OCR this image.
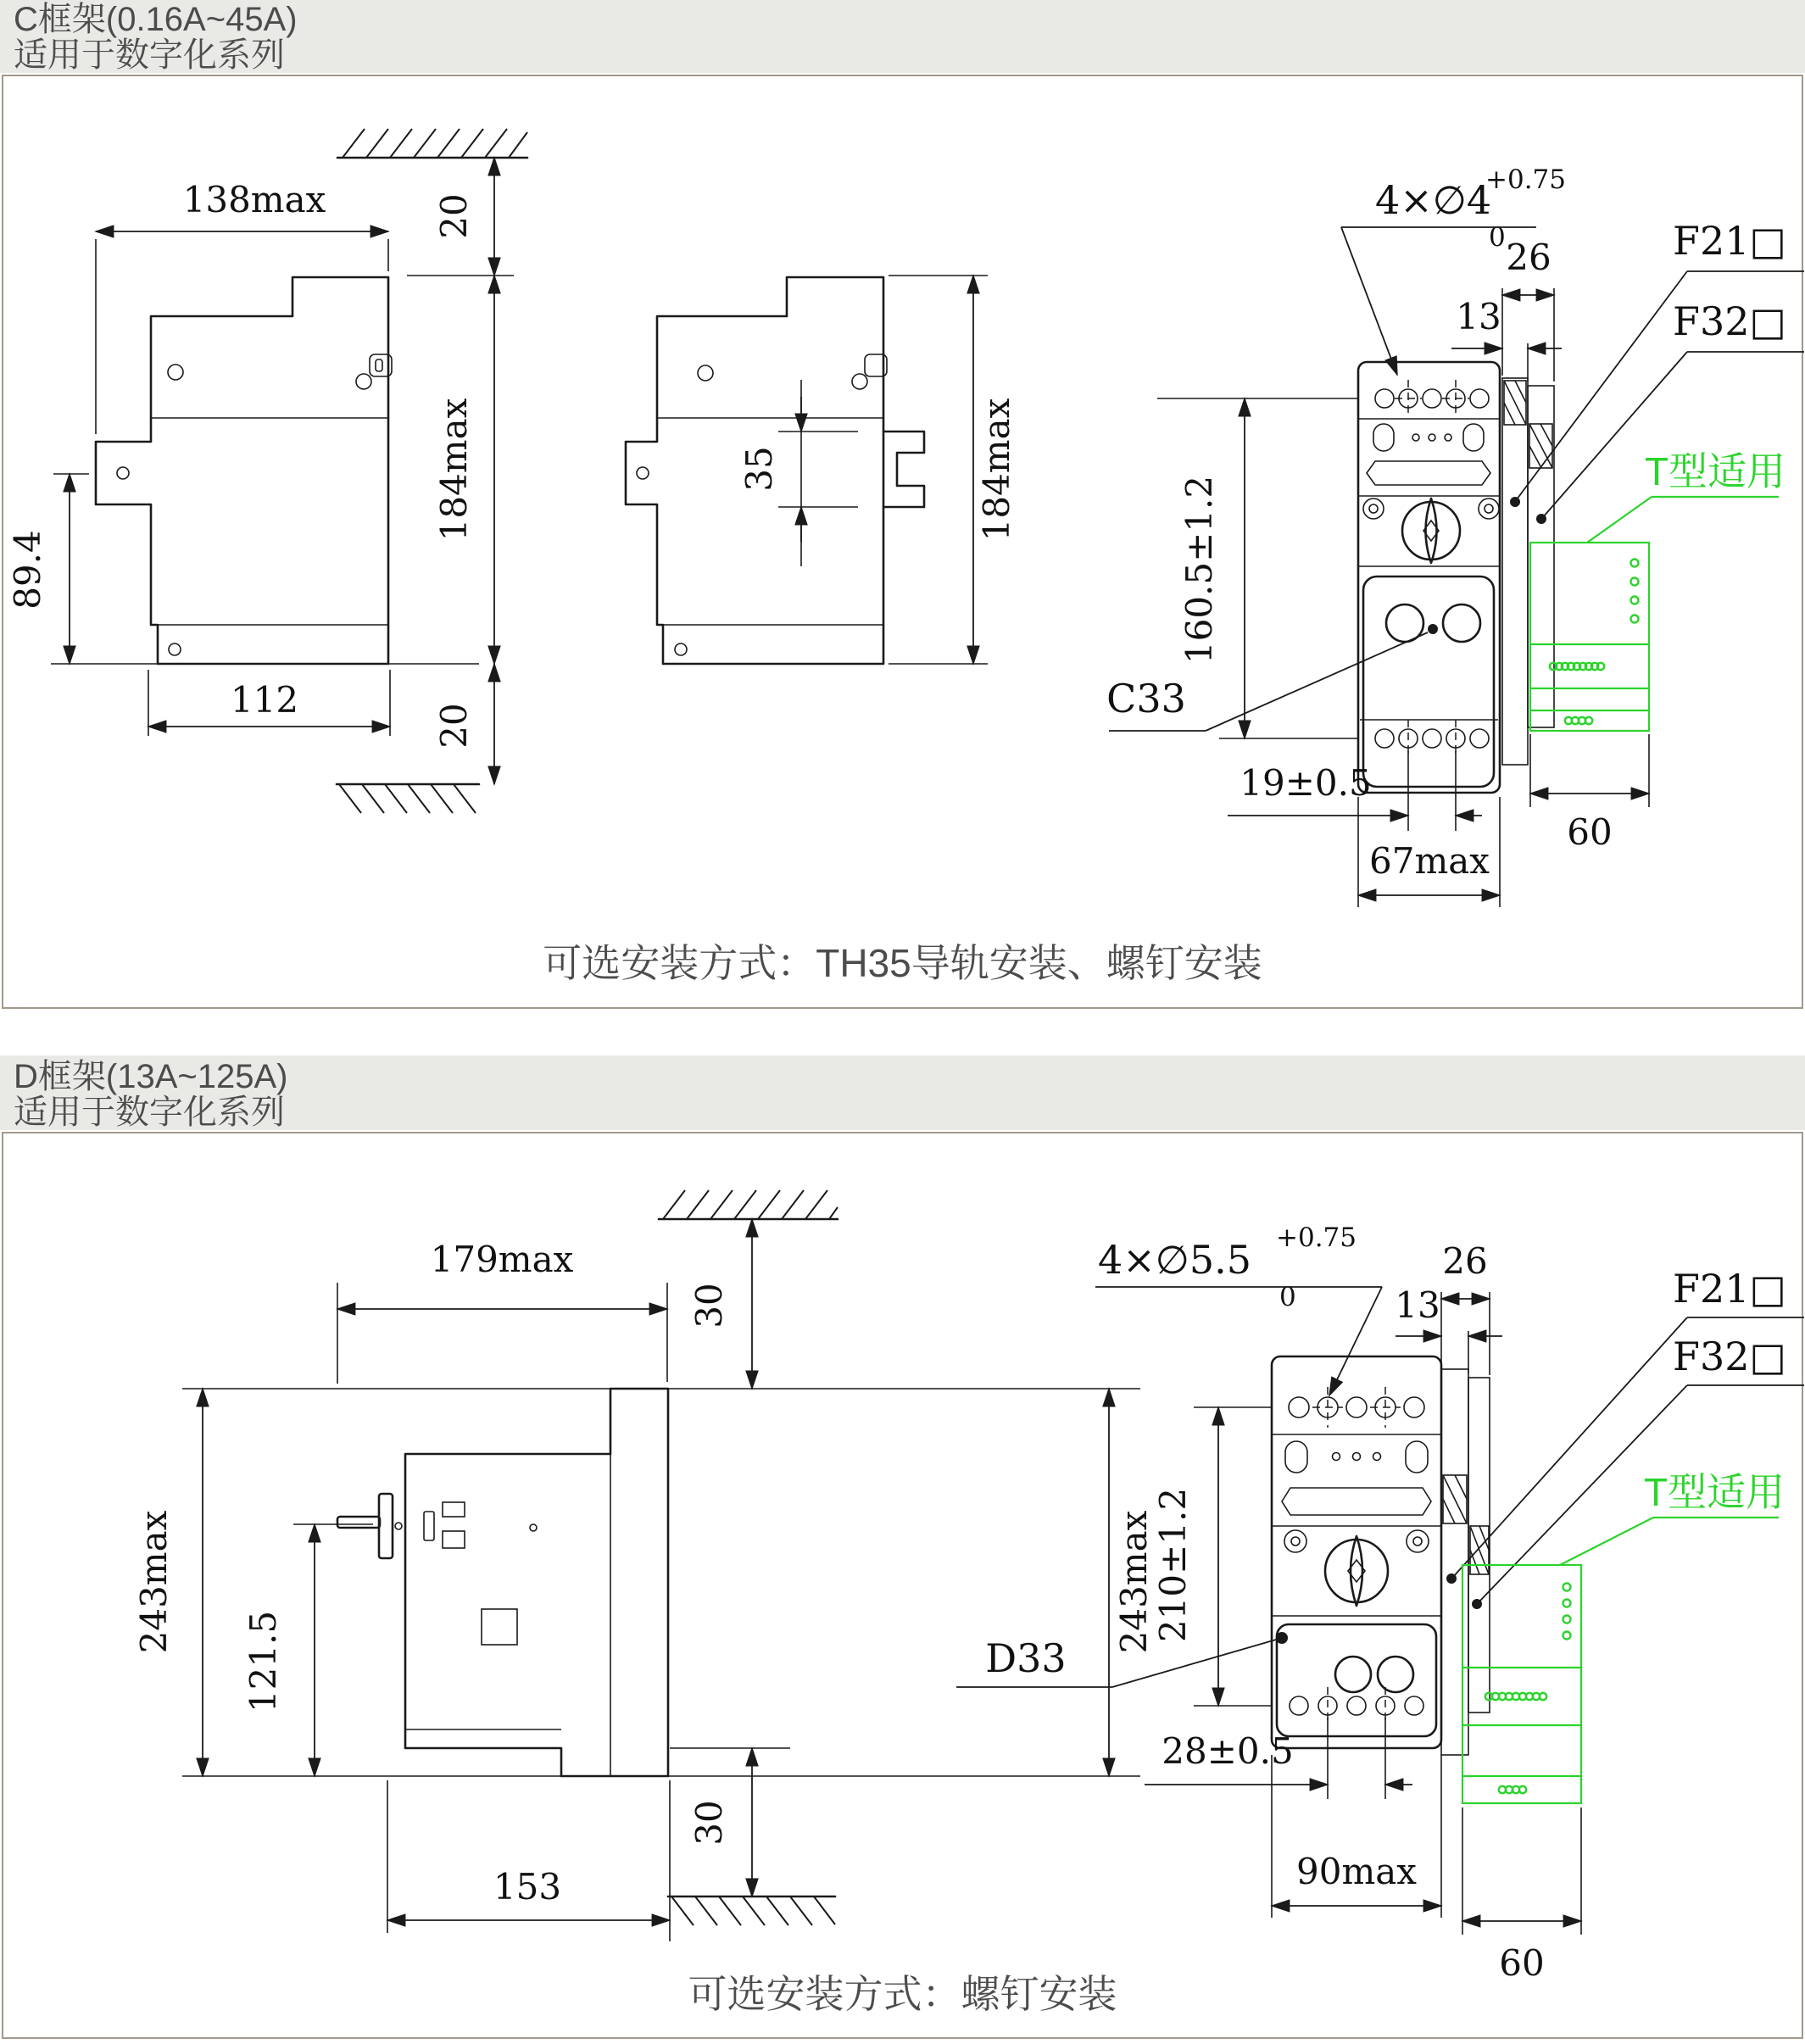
C框架(0.16A~45A)
适用于数字化系列
D框架(13A~125A)
适用于数字化系列
可选安装方式：TH35导轨安装、螺钉安装
可选安装方式：螺钉安装
138max	20
184max
89.4
112
20
35	184max
4×∅4
+0.75
0 26
13
F21□
F32□
160.5±1.2
C33
19±0.5
67max
T型适用
60
179max
30
243max
121.5
243max
153
30
4×∅5.5 +0.75
0
26
13	F21□
F32□
210±1.2
D33
28±0.5
90max
T型适用
60
